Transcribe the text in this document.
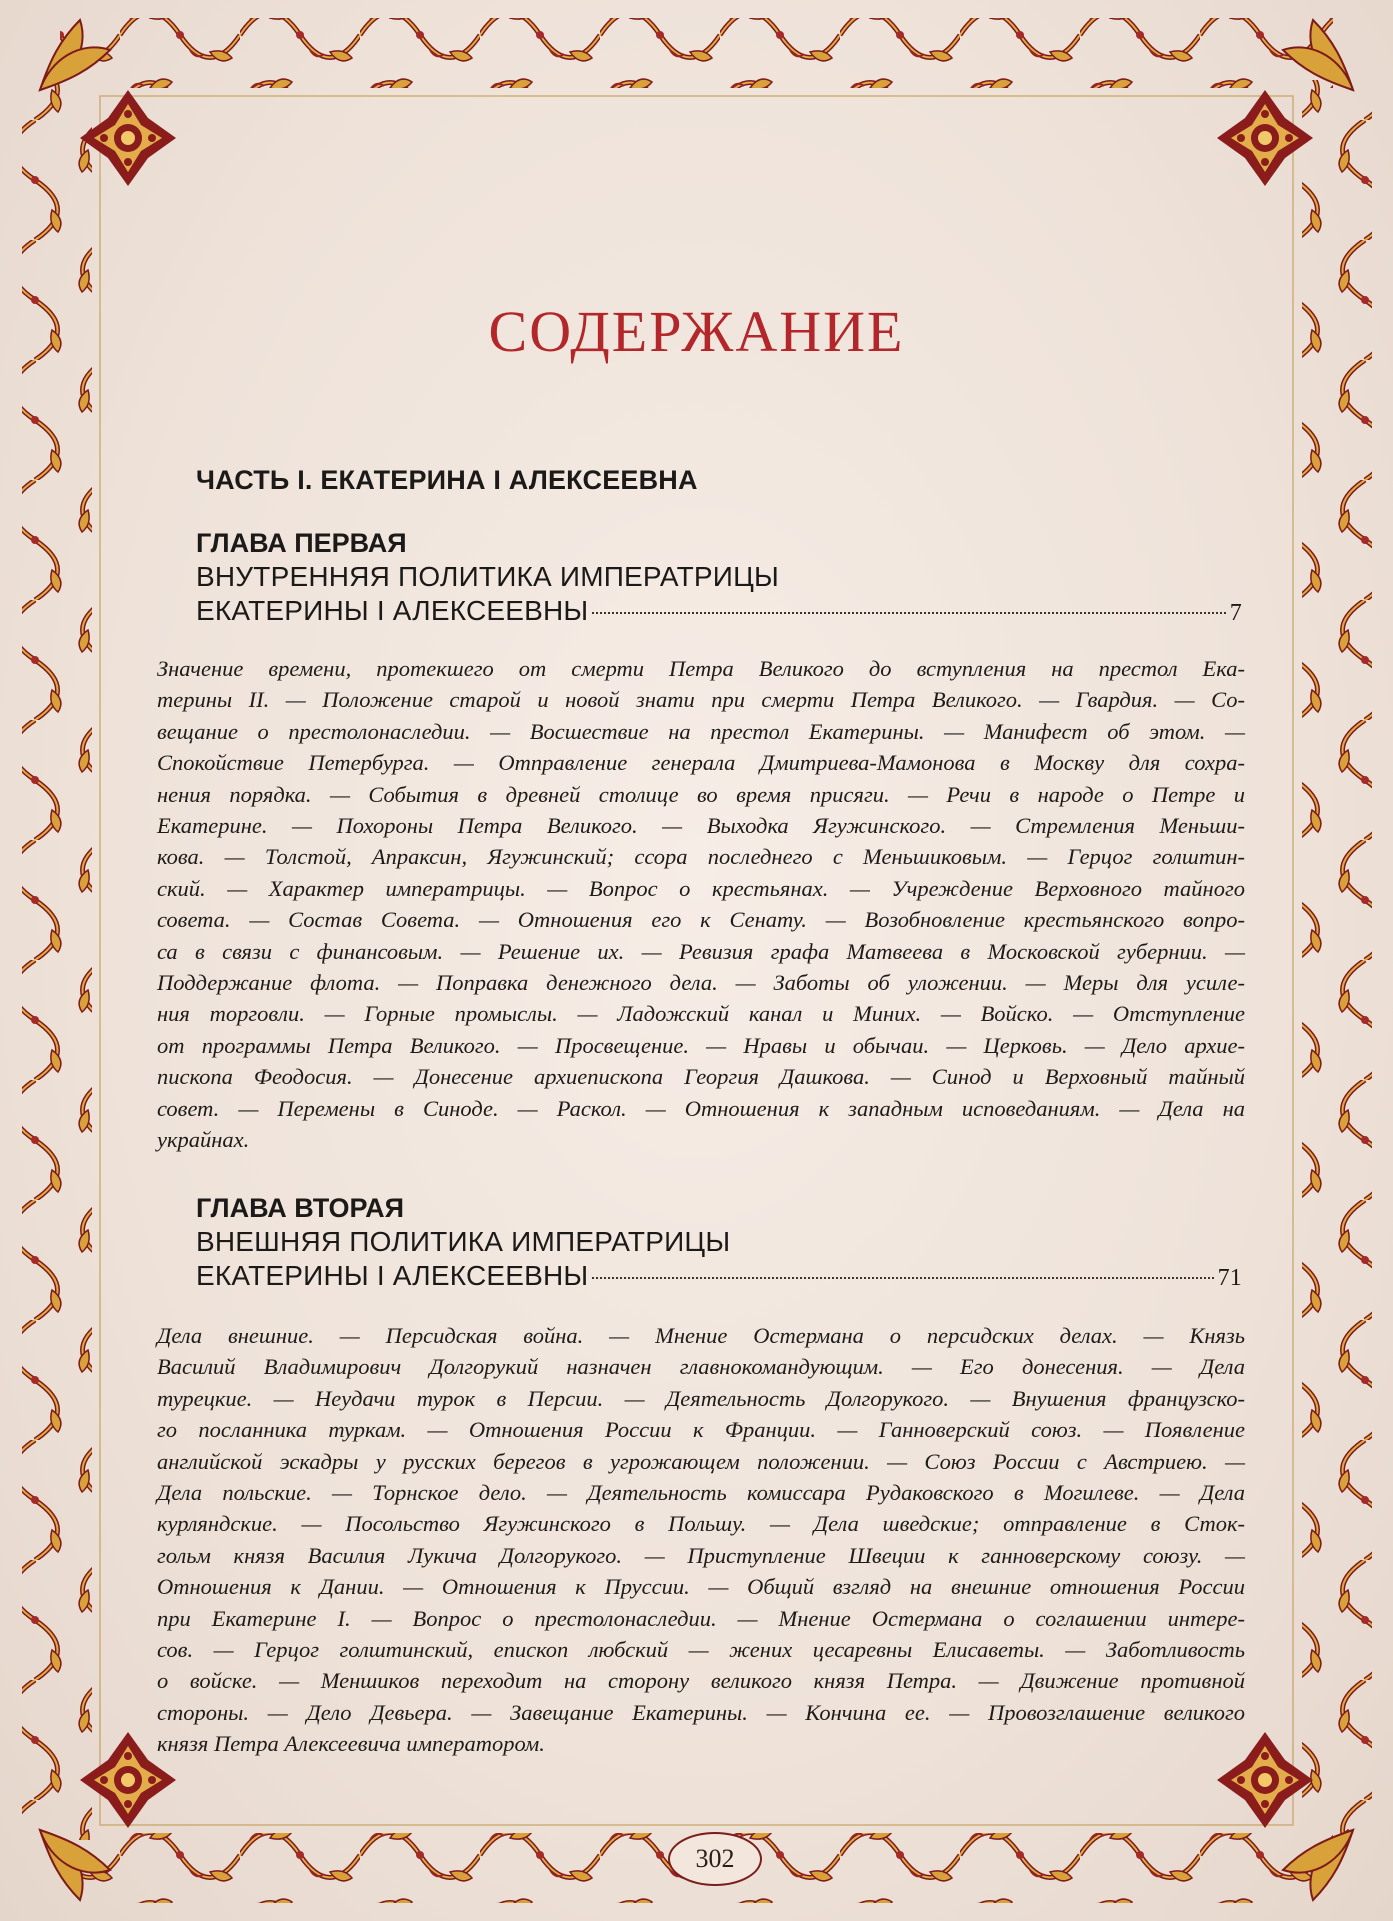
СОДЕРЖАНИЕ
ЧАСТЬ I. ЕКАТЕРИНА I АЛЕКСЕЕВНА
ГЛАВА ПЕРВАЯ
ВНУТРЕННЯЯ ПОЛИТИКА ИМПЕРАТРИЦЫ
ЕКАТЕРИНЫ I АЛЕКСЕЕВНЫ	7
Значение времени, протекшего от смерти Петра Великого до вступления на престол Ека-
терины II. — Положение старой и новой знати при смерти Петра Великого. — Гвардия. — Со-
вещание о престолонаследии. — Восшествие на престол Екатерины. — Манифест об этом. —
Спокойствие Петербурга. — Отправление генерала Дмитриева-Мамонова в Москву для сохра-
нения порядка. — События в древней столице во время присяги. — Речи в народе о Петре и
Екатерине. — Похороны Петра Великого. — Выходка Ягужинского. — Стремления Меньши-
кова. — Толстой, Апраксин, Ягужинский; ссора последнего с Меньшиковым. — Герцог голштин-
ский. — Характер императрицы. — Вопрос о крестьянах. — Учреждение Верховного тайного
совета. — Состав Совета. — Отношения его к Сенату. — Возобновление крестьянского вопро-
са в связи с финансовым. — Решение их. — Ревизия графа Матвеева в Московской губернии. —
Поддержание флота. — Поправка денежного дела. — Заботы об уложении. — Меры для усиле-
ния торговли. — Горные промыслы. — Ладожский канал и Миних. — Войско. — Отступление
от программы Петра Великого. — Просвещение. — Нравы и обычаи. — Церковь. — Дело архие-
пископа Феодосия. — Донесение архиепископа Георгия Дашкова. — Синод и Верховный тайный
совет. — Перемены в Синоде. — Раскол. — Отношения к западным исповеданиям. — Дела на
украйнах.
ГЛАВА ВТОРАЯ
ВНЕШНЯЯ ПОЛИТИКА ИМПЕРАТРИЦЫ
ЕКАТЕРИНЫ I АЛЕКСЕЕВНЫ	71
Дела внешние. — Персидская война. — Мнение Остермана о персидских делах. — Князь
Василий Владимирович Долгорукий назначен главнокомандующим. — Его донесения. — Дела
турецкие. — Неудачи турок в Персии. — Деятельность Долгорукого. — Внушения французско-
го посланника туркам. — Отношения России к Франции. — Ганноверский союз. — Появление
английской эскадры у русских берегов в угрожающем положении. — Союз России с Австриею. —
Дела польские. — Торнское дело. — Деятельность комиссара Рудаковского в Могилеве. — Дела
курляндские. — Посольство Ягужинского в Польшу. — Дела шведские; отправление в Сток-
гольм князя Василия Лукича Долгорукого. — Приступление Швеции к ганноверскому союзу. —
Отношения к Дании. — Отношения к Пруссии. — Общий взгляд на внешние отношения России
при Екатерине I. — Вопрос о престолонаследии. — Мнение Остермана о соглашении интере-
сов. — Герцог голштинский, епископ любский — жених цесаревны Елисаветы. — Заботливость
о войске. — Меншиков переходит на сторону великого князя Петра. — Движение противной
стороны. — Дело Девьера. — Завещание Екатерины. — Кончина ее. — Провозглашение великого
князя Петра Алексеевича императором.
302
